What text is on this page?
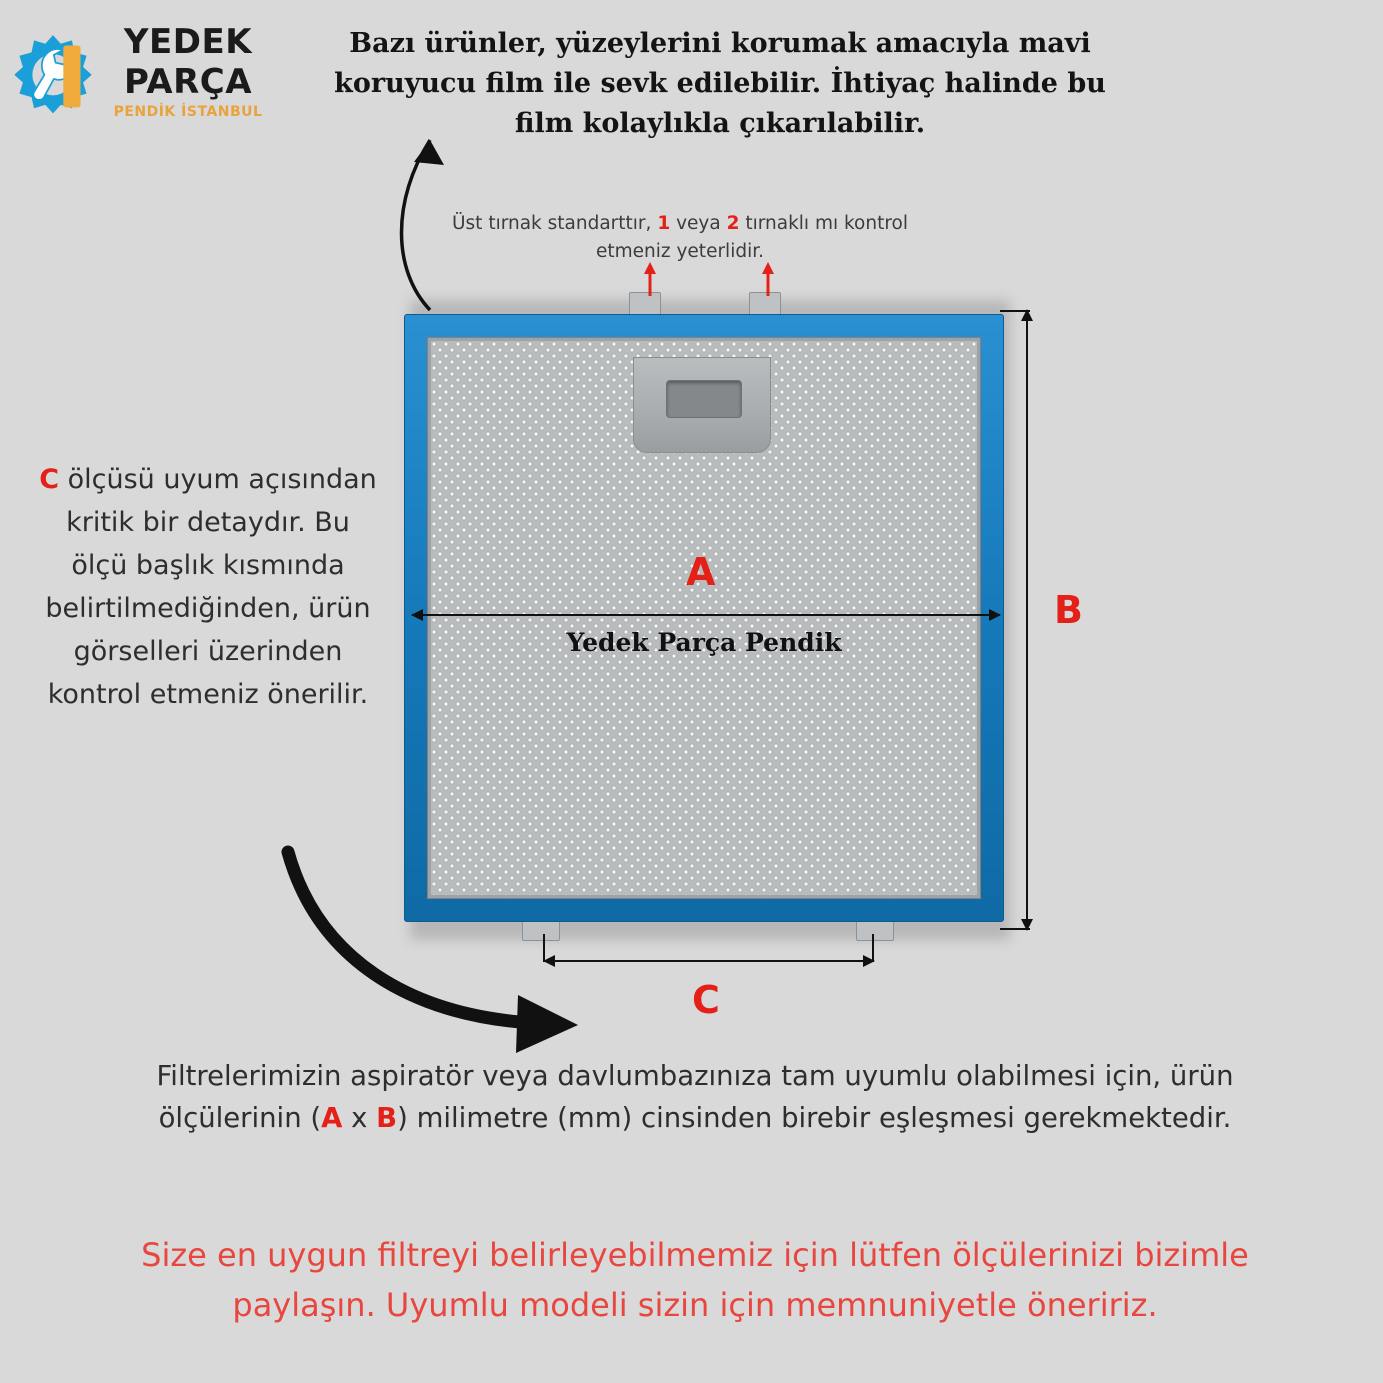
YEDEK
PARÇA
PENDİK İSTANBUL
Bazı ürünler, yüzeylerini korumak amacıyla mavi koruyucu film ile sevk edilebilir. İhtiyaç halinde bu film kolaylıkla çıkarılabilir.
Üst tırnak standarttır, 1 veya 2 tırnaklı mı kontrol etmeniz yeterlidir.
C ölçüsü uyum açısından kritik bir detaydır. Bu ölçü başlık kısmında belirtilmediğinden, ürün görselleri üzerinden kontrol etmeniz önerilir.
A
Yedek Parça Pendik
B
C
Filtrelerimizin aspiratör veya davlumbazınıza tam uyumlu olabilmesi için, ürün ölçülerinin (A x B) milimetre (mm) cinsinden birebir eşleşmesi gerekmektedir.
Size en uygun filtreyi belirleyebilmemiz için lütfen ölçülerinizi bizimle paylaşın. Uyumlu modeli sizin için memnuniyetle öneririz.
